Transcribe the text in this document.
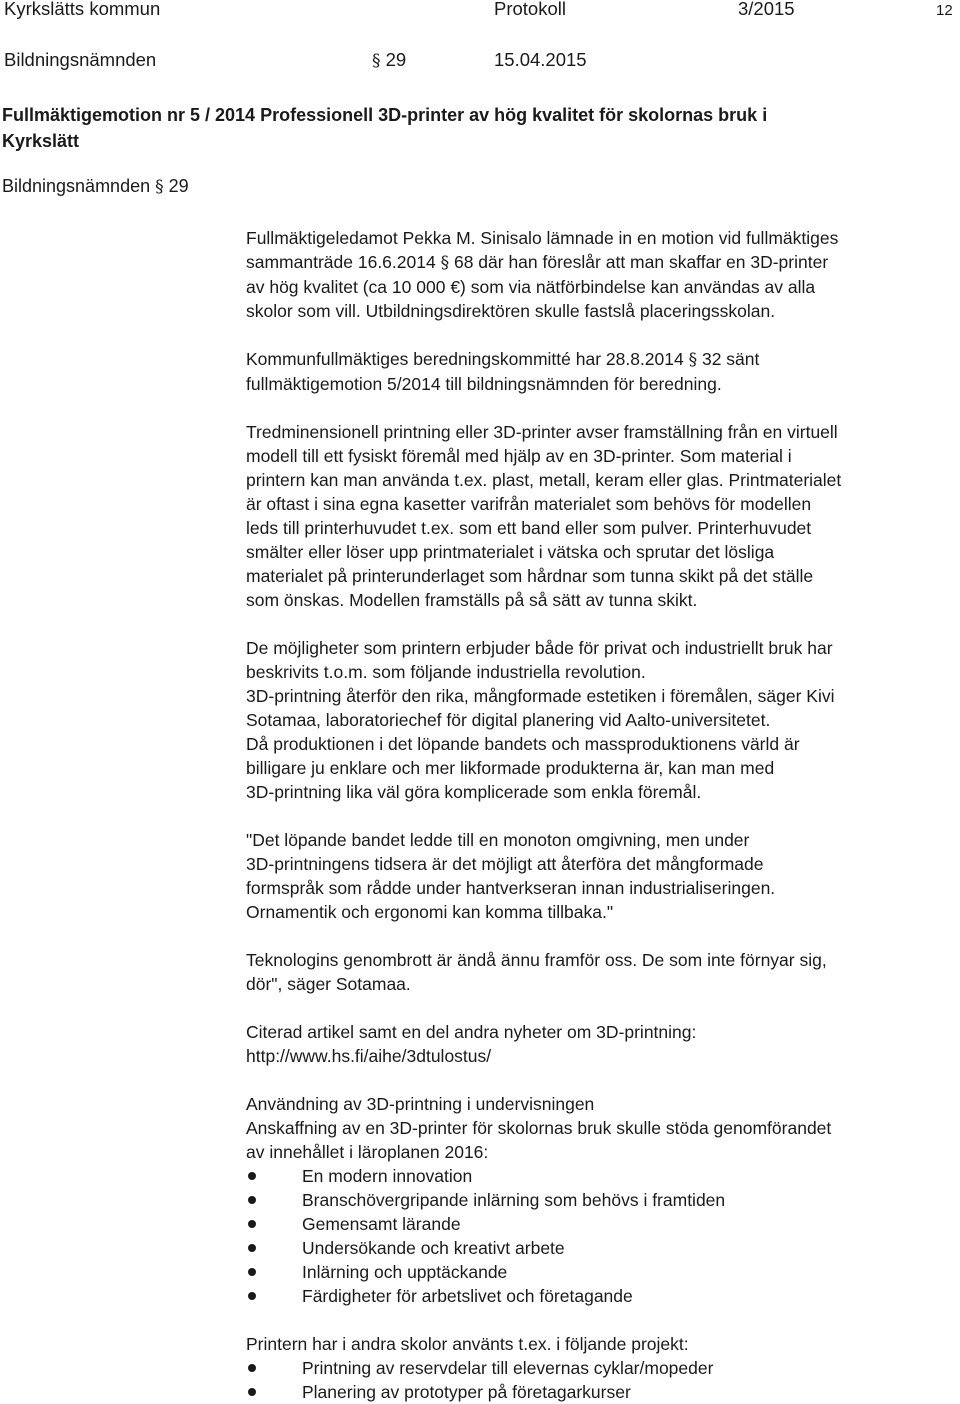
Kyrkslätts kommun	Protokoll	3/2015	12
Bildningsnämnden	§ 29	15.04.2015
Fullmäktigemotion nr 5 / 2014 Professionell 3D-printer av hög kvalitet för skolornas bruk i
Kyrkslätt
Bildningsnämnden § 29

Fullmäktigeledamot Pekka M. Sinisalo lämnade in en motion vid fullmäktiges
sammanträde 16.6.2014 § 68 där han föreslår att man skaffar en 3D-printer
av hög kvalitet (ca 10 000 €) som via nätförbindelse kan användas av alla
skolor som vill. Utbildningsdirektören skulle fastslå placeringsskolan.

Kommunfullmäktiges beredningskommitté har 28.8.2014 § 32 sänt
fullmäktigemotion 5/2014 till bildningsnämnden för beredning.

Tredminensionell printning eller 3D-printer avser framställning från en virtuell
modell till ett fysiskt föremål med hjälp av en 3D-printer. Som material i
printern kan man använda t.ex. plast, metall, keram eller glas. Printmaterialet
är oftast i sina egna kasetter varifrån materialet som behövs för modellen
leds till printerhuvudet t.ex. som ett band eller som pulver. Printerhuvudet
smälter eller löser upp printmaterialet i vätska och sprutar det lösliga
materialet på printerunderlaget som hårdnar som tunna skikt på det ställe
som önskas. Modellen framställs på så sätt av tunna skikt.

De möjligheter som printern erbjuder både för privat och industriellt bruk har
beskrivits t.o.m. som följande industriella revolution.
3D-printning återför den rika, mångformade estetiken i föremålen, säger Kivi
Sotamaa, laboratoriechef för digital planering vid Aalto-universitetet.
Då produktionen i det löpande bandets och massproduktionens värld är
billigare ju enklare och mer likformade produkterna är, kan man med
3D-printning lika väl göra komplicerade som enkla föremål.

"Det löpande bandet ledde till en monoton omgivning, men under
3D-printningens tidsera är det möjligt att återföra det mångformade
formspråk som rådde under hantverkseran innan industrialiseringen.
Ornamentik och ergonomi kan komma tillbaka."

Teknologins genombrott är ändå ännu framför oss. De som inte förnyar sig,
dör", säger Sotamaa.

Citerad artikel samt en del andra nyheter om 3D-printning:
http://www.hs.fi/aihe/3dtulostus/

Användning av 3D-printning i undervisningen
Anskaffning av en 3D-printer för skolornas bruk skulle stöda genomförandet
av innehållet i läroplanen 2016:

En modern innovation
Branschövergripande inlärning som behövs i framtiden
Gemensamt lärande
Undersökande och kreativt arbete
Inlärning och upptäckande
Färdigheter för arbetslivet och företagande

Printern har i andra skolor använts t.ex. i följande projekt:

Printning av reservdelar till elevernas cyklar/mopeder
Planering av prototyper på företagarkurser
